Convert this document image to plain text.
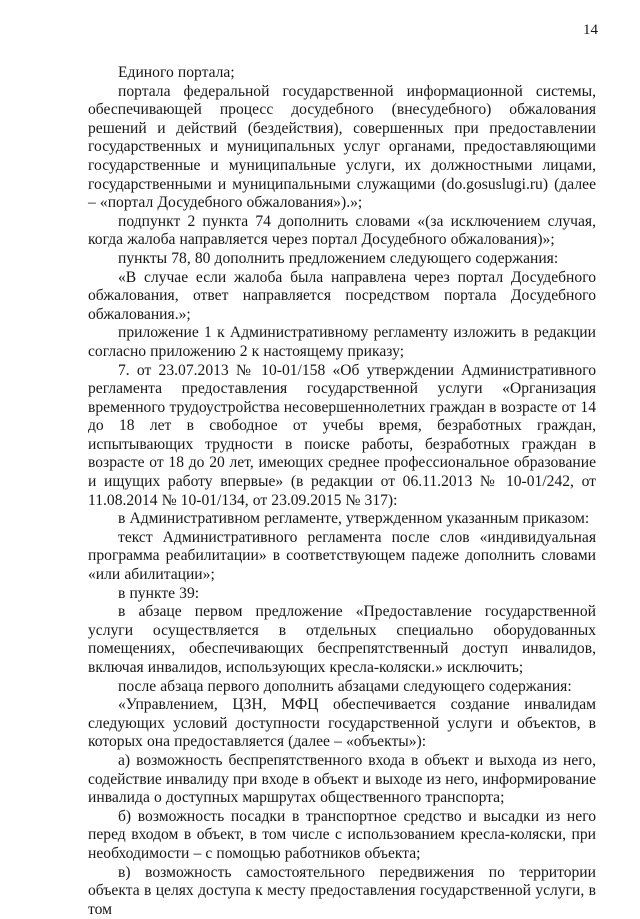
14

Единого портала;

портала федеральной государственной информационной системы, обеспечивающей процесс досудебного (внесудебного) обжалования решений и действий (бездействия), совершенных при предоставлении государственных и муниципальных услуг органами, предоставляющими государственные и муниципальные услуги, их должностными лицами, государственными и муниципальными служащими (do.gosuslugi.ru) (далее – «портал Досудебного обжалования»).»;

подпункт 2 пункта 74 дополнить словами «(за исключением случая, когда жалоба направляется через портал Досудебного обжалования)»;

пункты 78, 80 дополнить предложением следующего содержания:

«В случае если жалоба была направлена через портал Досудебного обжалования, ответ направляется посредством портала Досудебного обжалования.»;

приложение 1 к Административному регламенту изложить в редакции согласно приложению 2 к настоящему приказу;

7. от 23.07.2013 № 10-01/158 «Об утверждении Административного регламента предоставления государственной услуги «Организация временного трудоустройства несовершеннолетних граждан в возрасте от 14 до 18 лет в свободное от учебы время, безработных граждан, испытывающих трудности в поиске работы, безработных граждан в возрасте от 18 до 20 лет, имеющих среднее профессиональное образование и ищущих работу впервые» (в редакции от 06.11.2013 № 10-01/242, от 11.08.2014 № 10-01/134, от 23.09.2015 № 317):

в Административном регламенте, утвержденном указанным приказом:

текст Административного регламента после слов «индивидуальная программа реабилитации» в соответствующем падеже дополнить словами «или абилитации»;

в пункте 39:

в абзаце первом предложение «Предоставление государственной услуги осуществляется в отдельных специально оборудованных помещениях, обеспечивающих беспрепятственный доступ инвалидов, включая инвалидов, использующих кресла-коляски.» исключить;

после абзаца первого дополнить абзацами следующего содержания:

«Управлением, ЦЗН, МФЦ обеспечивается создание инвалидам следующих условий доступности государственной услуги и объектов, в которых она предоставляется (далее – «объекты»):

а) возможность беспрепятственного входа в объект и выхода из него, содействие инвалиду при входе в объект и выходе из него, информирование инвалида о доступных маршрутах общественного транспорта;

б) возможность посадки в транспортное средство и высадки из него перед входом в объект, в том числе с использованием кресла-коляски, при необходимости – с помощью работников объекта;

в) возможность самостоятельного передвижения по территории объекта в целях доступа к месту предоставления государственной услуги, в том
